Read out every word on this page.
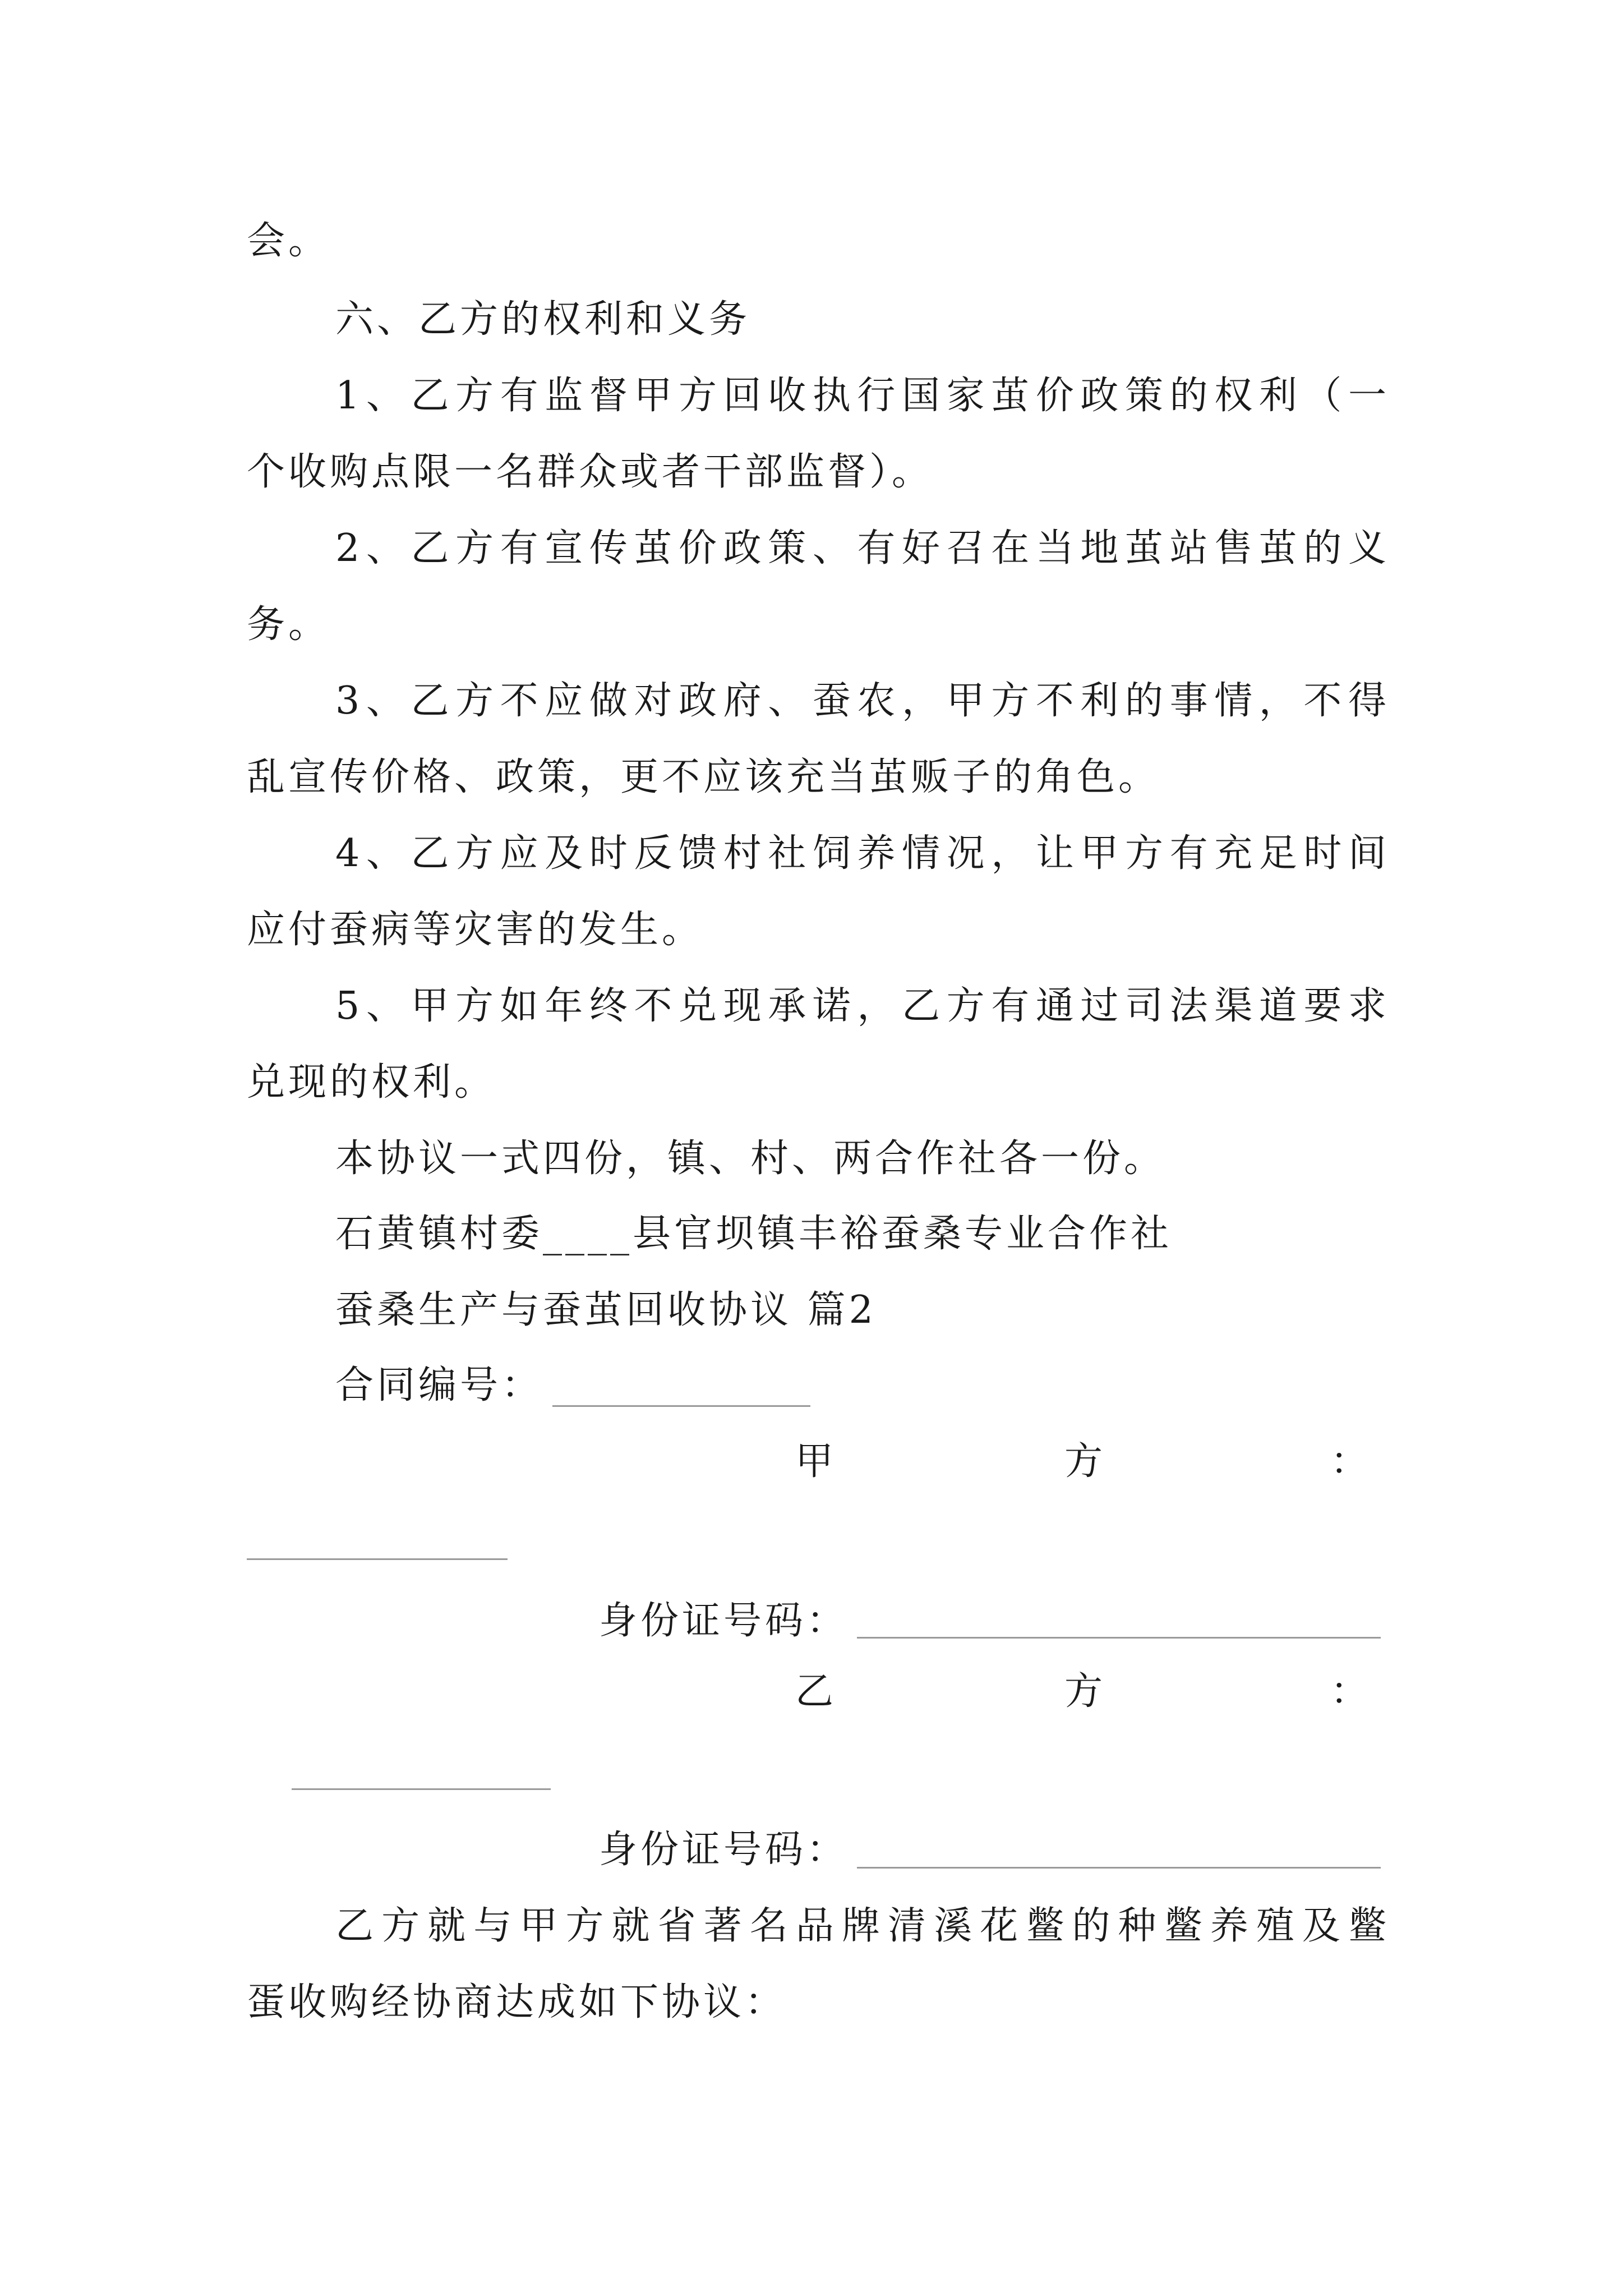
会。
六、乙方的权利和义务
1、乙方有监督甲方回收执行国家茧价政策的权利（一
个收购点限一名群众或者干部监督）。
2、乙方有宣传茧价政策、有好召在当地茧站售茧的义
务。
3、乙方不应做对政府、蚕农，甲方不利的事情，不得
乱宣传价格、政策，更不应该充当茧贩子的角色。
4、乙方应及时反馈村社饲养情况，让甲方有充足时间
应付蚕病等灾害的发生。
5、甲方如年终不兑现承诺，乙方有通过司法渠道要求
兑现的权利。
本协议一式四份，镇、村、两合作社各一份。
石黄镇村委____县官坝镇丰裕蚕桑专业合作社
蚕桑生产与蚕茧回收协议 篇2
合同编号：
甲	方	：
身份证号码：
乙	方	：
身份证号码：
乙方就与甲方就省著名品牌清溪花鳖的种鳖养殖及鳖
蛋收购经协商达成如下协议：
